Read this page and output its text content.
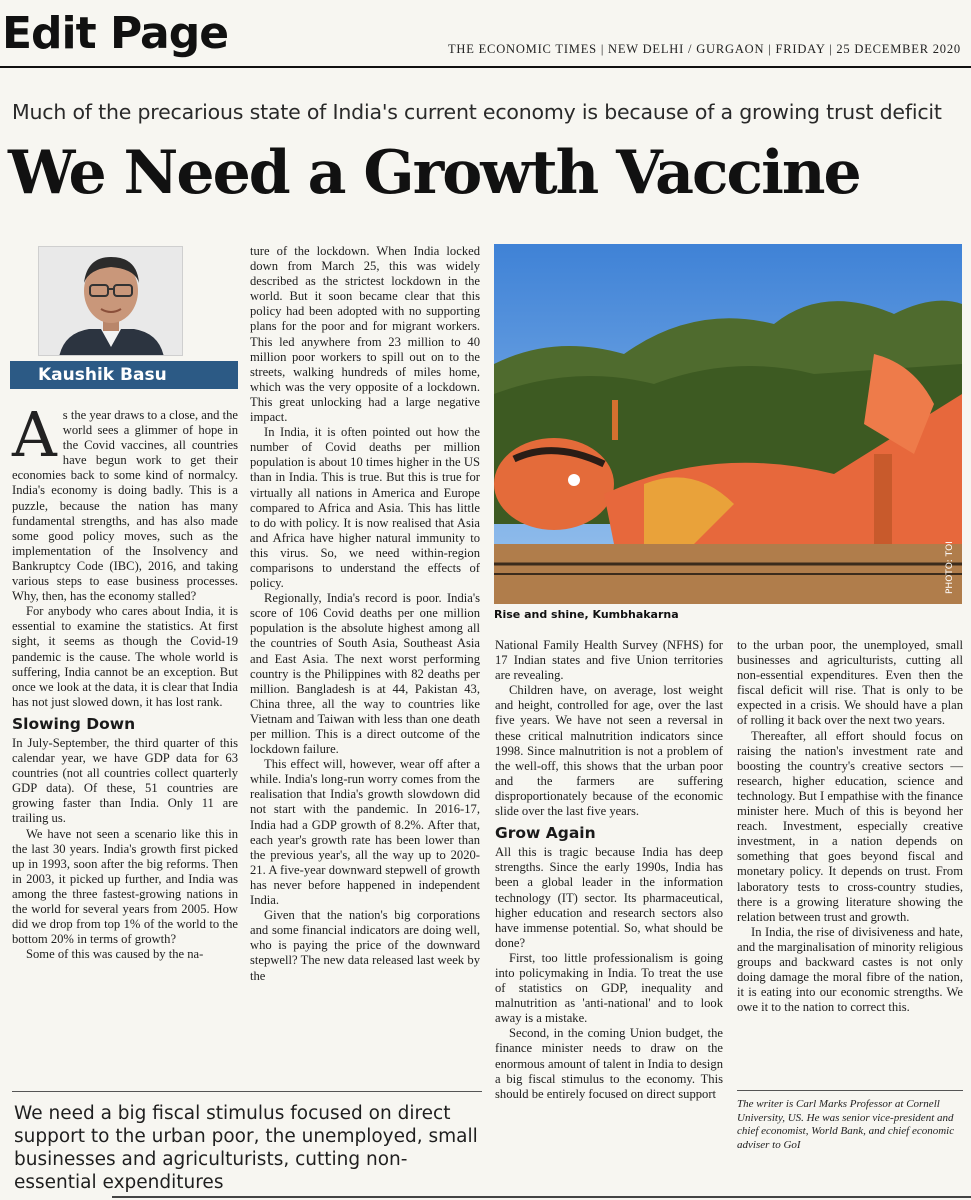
Edit Page	THE ECONOMIC TIMES | NEW DELHI / GURGAON | FRIDAY | 25 DECEMBER 2020
Much of the precarious state of India's current economy is because of a growing trust deficit
We Need a Growth Vaccine
Kaushik Basu

As the year draws to a close, and the world sees a glimmer of hope in the Covid vaccines, all countries have begun work to get their economies back to some kind of normalcy. India's economy is doing badly. This is a puzzle, because the nation has many fundamental strengths, and has also made some good policy moves, such as the implementation of the Insolvency and Bankruptcy Code (IBC), 2016, and taking various steps to ease business processes. Why, then, has the economy stalled?

For anybody who cares about India, it is essential to examine the statistics. At first sight, it seems as though the Covid-19 pandemic is the cause. The whole world is suffering, India cannot be an exception. But once we look at the data, it is clear that India has not just slowed down, it has lost rank.

Slowing Down

In July-September, the third quarter of this calendar year, we have GDP data for 63 countries (not all countries collect quarterly GDP data). Of these, 51 countries are growing faster than India. Only 11 are trailing us.

We have not seen a scenario like this in the last 30 years. India's growth first picked up in 1993, soon after the big reforms. Then in 2003, it picked up further, and India was among the three fastest-growing nations in the world for several years from 2005. How did we drop from top 1% of the world to the bottom 20% in terms of growth?

Some of this was caused by the na-

ture of the lockdown. When India locked down from March 25, this was widely described as the strictest lockdown in the world. But it soon became clear that this policy had been adopted with no supporting plans for the poor and for migrant workers. This led anywhere from 23 million to 40 million poor workers to spill out on to the streets, walking hundreds of miles home, which was the very opposite of a lockdown. This great unlocking had a large negative impact.

In India, it is often pointed out how the number of Covid deaths per million population is about 10 times higher in the US than in India. This is true. But this is true for virtually all nations in America and Europe compared to Africa and Asia. This has little to do with policy. It is now realised that Asia and Africa have higher natural immunity to this virus. So, we need within-region comparisons to understand the effects of policy.

Regionally, India's record is poor. India's score of 106 Covid deaths per one million population is the absolute highest among all the countries of South Asia, Southeast Asia and East Asia. The next worst performing country is the Philippines with 82 deaths per million. Bangladesh is at 44, Pakistan 43, China three, all the way to countries like Vietnam and Taiwan with less than one death per million. This is a direct outcome of the lockdown failure.

This effect will, however, wear off after a while. India's long-run worry comes from the realisation that India's growth slowdown did not start with the pandemic. In 2016-17, India had a GDP growth of 8.2%. After that, each year's growth rate has been lower than the previous year's, all the way up to 2020-21. A five-year downward stepwell of growth has never before happened in independent India.

Given that the nation's big corporations and some financial indicators are doing well, who is paying the price of the downward stepwell? The new data released last week by the

PHOTO: TOI
Rise and shine, Kumbhakarna

National Family Health Survey (NFHS) for 17 Indian states and five Union territories are revealing.

Children have, on average, lost weight and height, controlled for age, over the last five years. We have not seen a reversal in these critical malnutrition indicators since 1998. Since malnutrition is not a problem of the well-off, this shows that the urban poor and the farmers are suffering disproportionately because of the economic slide over the last five years.

Grow Again

All this is tragic because India has deep strengths. Since the early 1990s, India has been a global leader in the information technology (IT) sector. Its pharmaceutical, higher education and research sectors also have immense potential. So, what should be done?

First, too little professionalism is going into policymaking in India. To treat the use of statistics on GDP, inequality and malnutrition as 'anti-national' and to look away is a mistake.

Second, in the coming Union budget, the finance minister needs to draw on the enormous amount of talent in India to design a big fiscal stimulus to the economy. This should be entirely focused on direct support

to the urban poor, the unemployed, small businesses and agriculturists, cutting all non-essential expenditures. Even then the fiscal deficit will rise. That is only to be expected in a crisis. We should have a plan of rolling it back over the next two years.

Thereafter, all effort should focus on raising the nation's investment rate and boosting the country's creative sectors — research, higher education, science and technology. But I empathise with the finance minister here. Much of this is beyond her reach. Investment, especially creative investment, in a nation depends on something that goes beyond fiscal and monetary policy. It depends on trust. From laboratory tests to cross-country studies, there is a growing literature showing the relation between trust and growth.

In India, the rise of divisiveness and hate, and the marginalisation of minority religious groups and backward castes is not only doing damage the moral fibre of the nation, it is eating into our economic strengths. We owe it to the nation to correct this.

We need a big fiscal stimulus focused on direct support to the urban poor, the unemployed, small businesses and agriculturists, cutting non-essential expenditures
The writer is Carl Marks Professor at Cornell University, US. He was senior vice-president and chief economist, World Bank, and chief economic adviser to GoI
